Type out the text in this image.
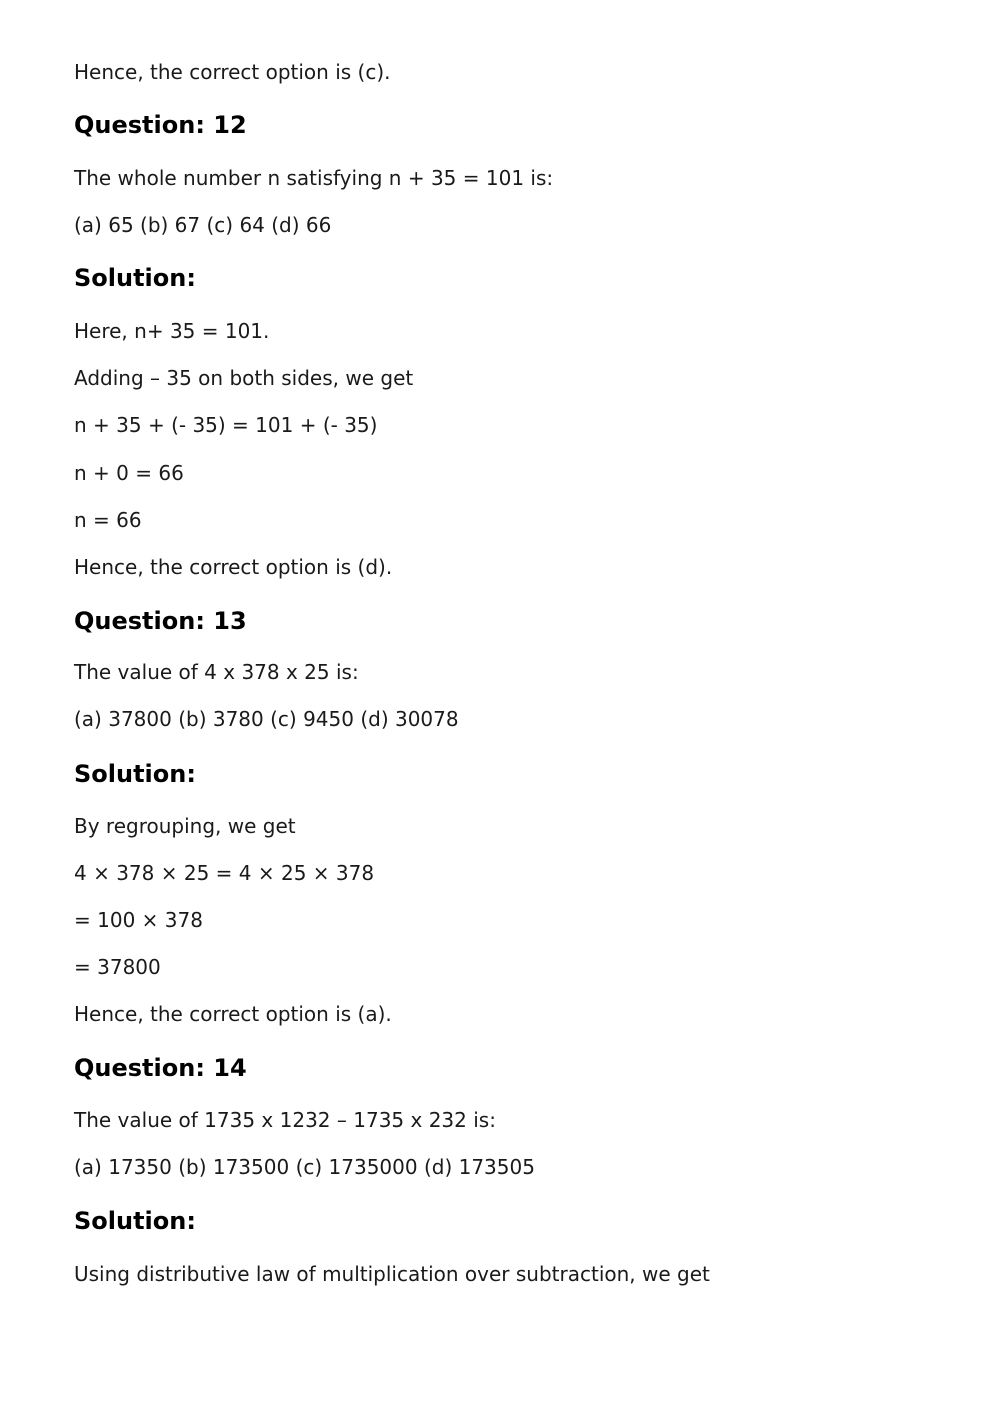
Hence, the correct option is (c).
Question: 12
The whole number n satisfying n + 35 = 101 is:
(a) 65 (b) 67 (c) 64 (d) 66
Solution:
Here, n+ 35 = 101.
Adding – 35 on both sides, we get
n + 35 + (- 35) = 101 + (- 35)
n + 0 = 66
n = 66
Hence, the correct option is (d).
Question: 13
The value of 4 x 378 x 25 is:
(a) 37800 (b) 3780 (c) 9450 (d) 30078
Solution:
By regrouping, we get
4 × 378 × 25 = 4 × 25 × 378
= 100 × 378
= 37800
Hence, the correct option is (a).
Question: 14
The value of 1735 x 1232 – 1735 x 232 is:
(a) 17350 (b) 173500 (c) 1735000 (d) 173505
Solution:
Using distributive law of multiplication over subtraction, we get
